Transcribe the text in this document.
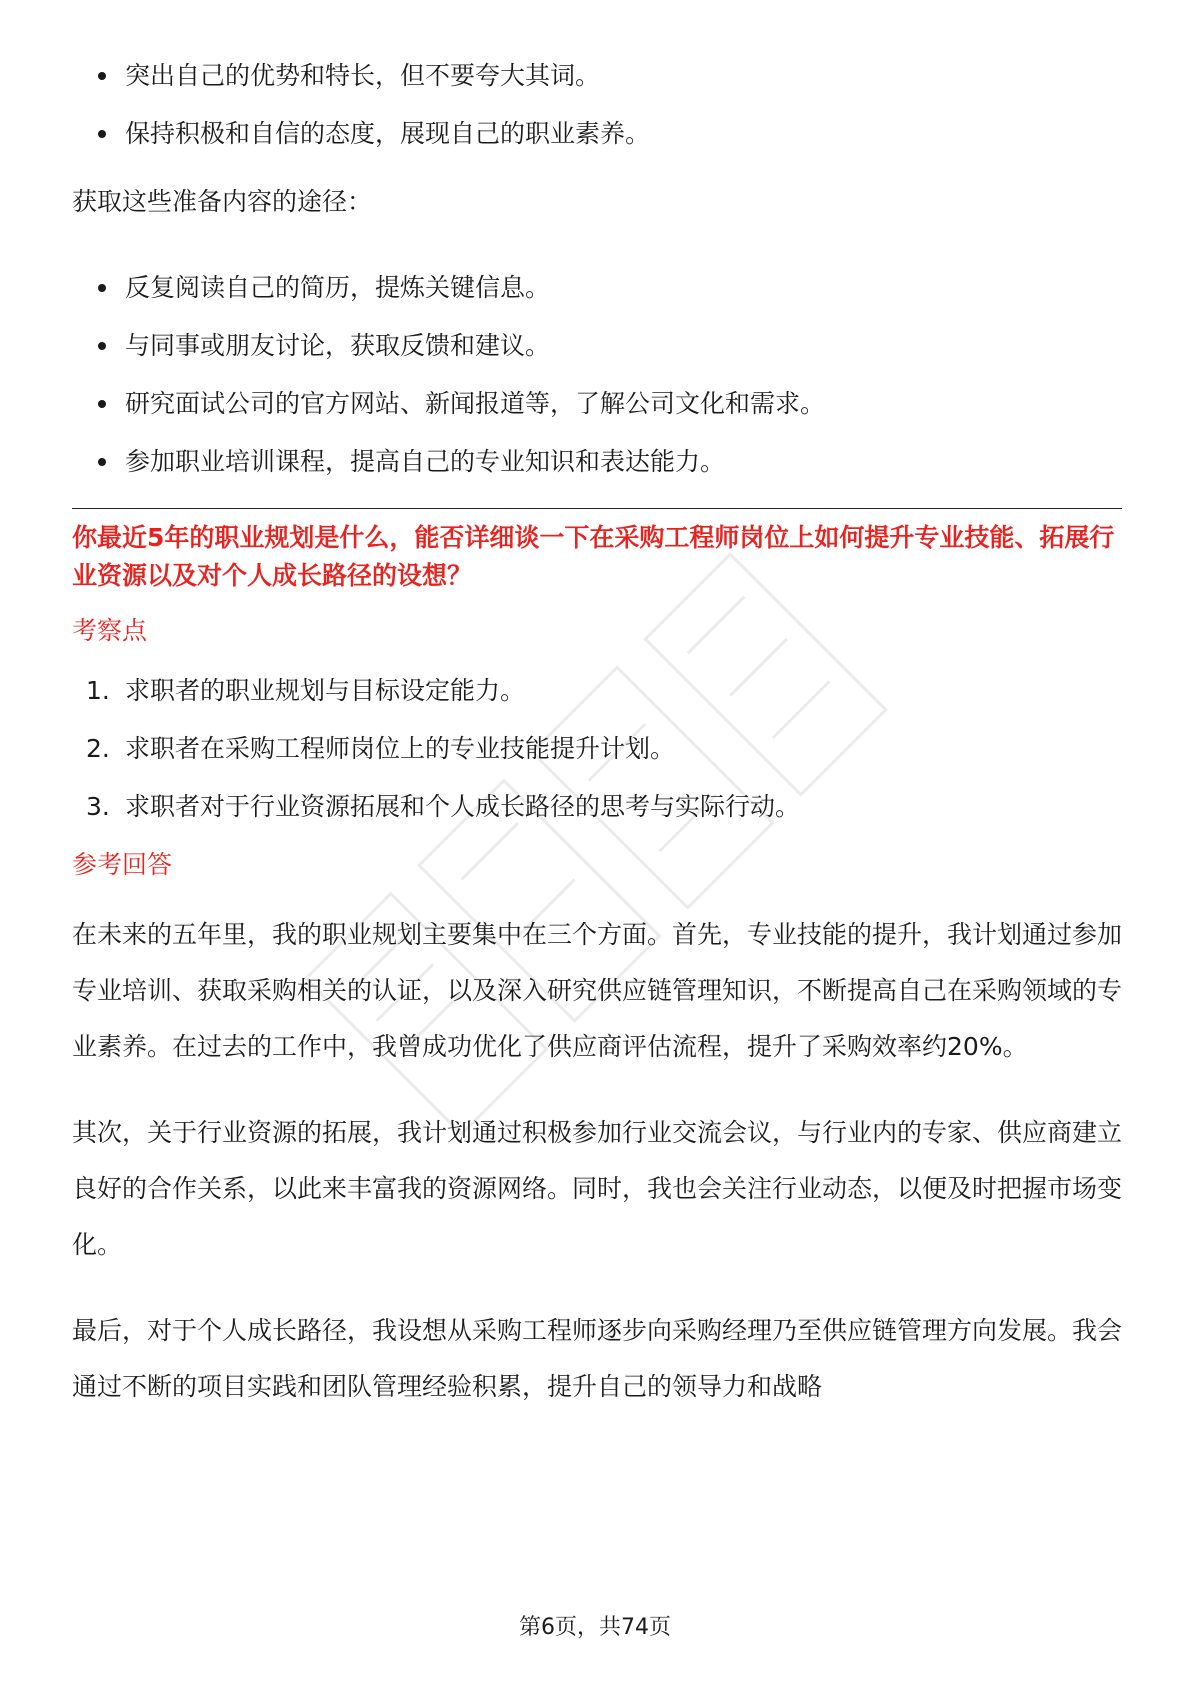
突出自己的优势和特长，但不要夸大其词。
保持积极和自信的态度，展现自己的职业素养。

获取这些准备内容的途径：

反复阅读自己的简历，提炼关键信息。
与同事或朋友讨论，获取反馈和建议。
研究面试公司的官方网站、新闻报道等，了解公司文化和需求。
参加职业培训课程，提高自己的专业知识和表达能力。

你最近5年的职业规划是什么，能否详细谈一下在采购工程师岗位上如何提升专业技能、拓展行业资源以及对个人成长路径的设想？

考察点

1. 求职者的职业规划与目标设定能力。
2. 求职者在采购工程师岗位上的专业技能提升计划。
3. 求职者对于行业资源拓展和个人成长路径的思考与实际行动。

参考回答

在未来的五年里，我的职业规划主要集中在三个方面。首先，专业技能的提升，我计划通过参加专业培训、获取采购相关的认证，以及深入研究供应链管理知识，不断提高自己在采购领域的专业素养。在过去的工作中，我曾成功优化了供应商评估流程，提升了采购效率约20%。

其次，关于行业资源的拓展，我计划通过积极参加行业交流会议，与行业内的专家、供应商建立良好的合作关系，以此来丰富我的资源网络。同时，我也会关注行业动态，以便及时把握市场变化。

最后，对于个人成长路径，我设想从采购工程师逐步向采购经理乃至供应链管理方向发展。我会通过不断的项目实践和团队管理经验积累，提升自己的领导力和战略

第6页，共74页
